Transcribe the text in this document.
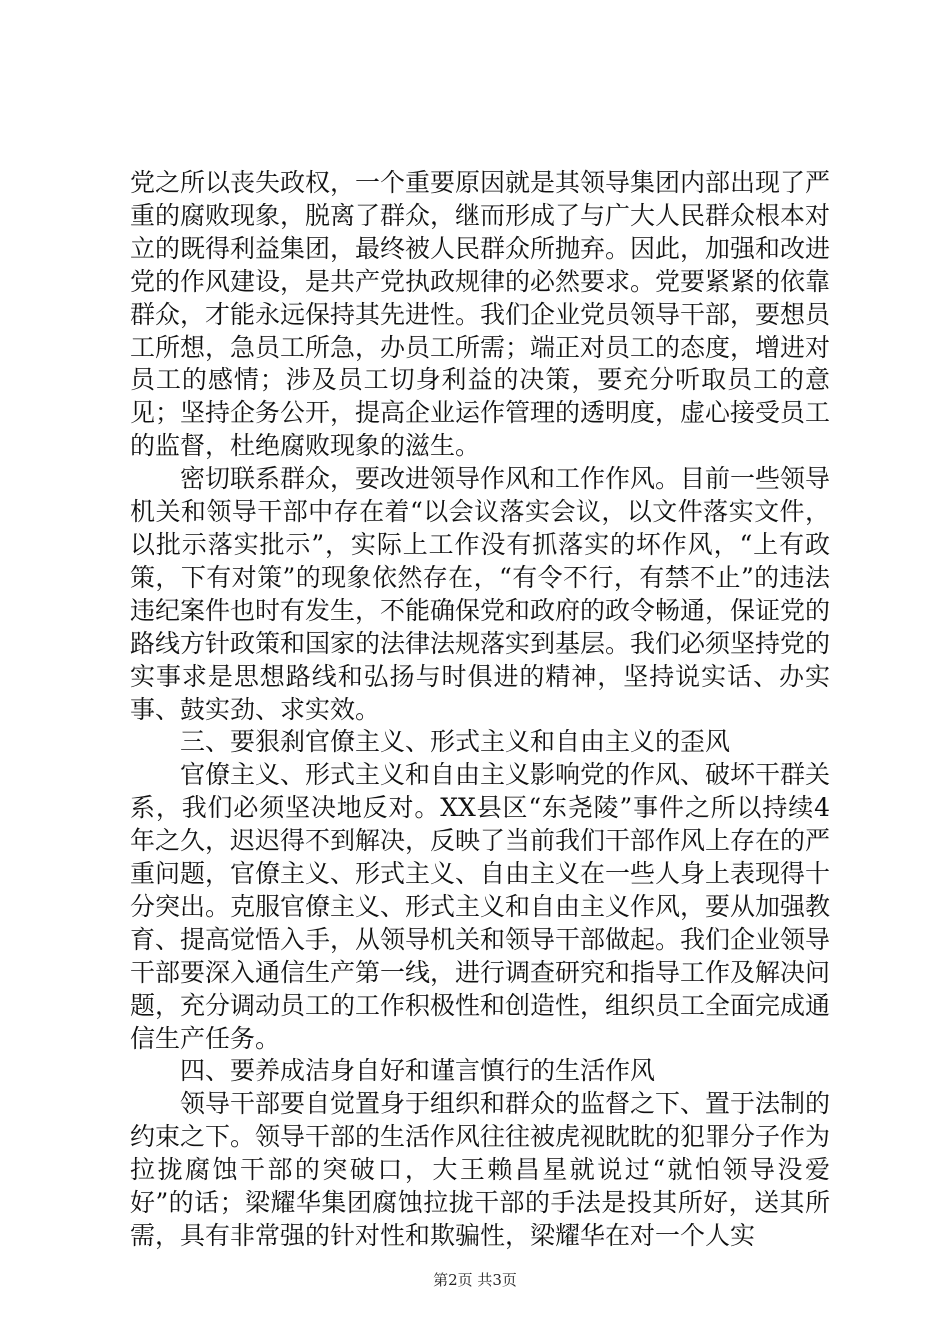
党之所以丧失政权，一个重要原因就是其领导集团内部出现了严重的腐败现象，脱离了群众，继而形成了与广大人民群众根本对立的既得利益集团，最终被人民群众所抛弃。因此，加强和改进党的作风建设，是共产党执政规律的必然要求。党要紧紧的依靠群众，才能永远保持其先进性。我们企业党员领导干部，要想员工所想，急员工所急，办员工所需；端正对员工的态度，增进对员工的感情；涉及员工切身利益的决策，要充分听取员工的意见；坚持企务公开，提高企业运作管理的透明度，虚心接受员工的监督，杜绝腐败现象的滋生。

密切联系群众，要改进领导作风和工作作风。目前一些领导机关和领导干部中存在着“以会议落实会议，以文件落实文件，以批示落实批示”，实际上工作没有抓落实的坏作风，“上有政策，下有对策”的现象依然存在，“有令不行，有禁不止”的违法违纪案件也时有发生，不能确保党和政府的政令畅通，保证党的路线方针政策和国家的法律法规落实到基层。我们必须坚持党的实事求是思想路线和弘扬与时俱进的精神，坚持说实话、办实事、鼓实劲、求实效。

三、要狠刹官僚主义、形式主义和自由主义的歪风

官僚主义、形式主义和自由主义影响党的作风、破坏干群关系，我们必须坚决地反对。XX县区“东尧陵”事件之所以持续4年之久，迟迟得不到解决，反映了当前我们干部作风上存在的严重问题，官僚主义、形式主义、自由主义在一些人身上表现得十分突出。克服官僚主义、形式主义和自由主义作风，要从加强教育、提高觉悟入手，从领导机关和领导干部做起。我们企业领导干部要深入通信生产第一线，进行调查研究和指导工作及解决问题，充分调动员工的工作积极性和创造性，组织员工全面完成通信生产任务。

四、要养成洁身自好和谨言慎行的生活作风

领导干部要自觉置身于组织和群众的监督之下、置于法制的约束之下。领导干部的生活作风往往被虎视眈眈的犯罪分子作为拉拢腐蚀干部的突破口，大王赖昌星就说过“就怕领导没爱好”的话；梁耀华集团腐蚀拉拢干部的手法是投其所好，送其所需，具有非常强的针对性和欺骗性，梁耀华在对一个人实

第2页 共3页
